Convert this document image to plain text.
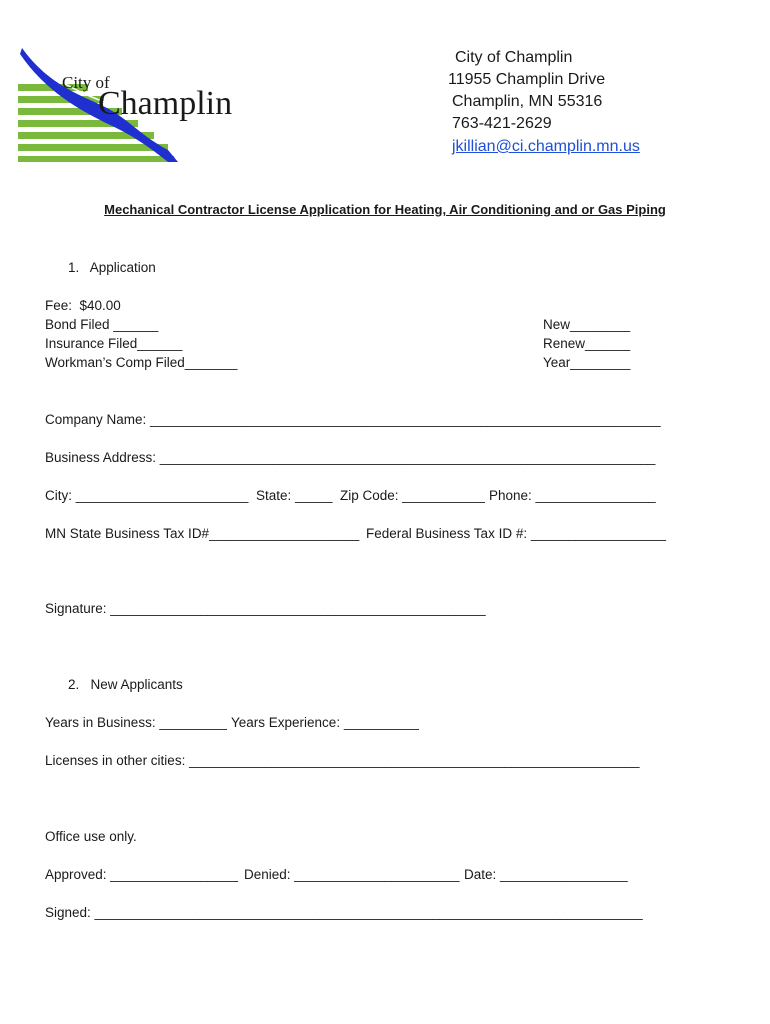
City of
Champlin
City of Champlin
11955 Champlin Drive
Champlin, MN 55316
763-421-2629
jkillian@ci.champlin.mn.us
Mechanical Contractor License Application for Heating, Air Conditioning and or Gas Piping
1.   Application
Fee:  $40.00
Bond Filed ______
Insurance Filed______
Workman’s Comp Filed_______
New________
Renew______
Year________
Company Name: ____________________________________________________________________
Business Address: __________________________________________________________________
City: _______________________ State: _____ Zip Code: ___________ Phone: ________________
MN State Business Tax ID#____________________ Federal Business Tax ID #: __________________
Signature: __________________________________________________
2.   New Applicants
Years in Business: _________ Years Experience: __________
Licenses in other cities: ____________________________________________________________
Office use only.
Approved: _________________ Denied: ______________________ Date: _________________
Signed: _________________________________________________________________________
